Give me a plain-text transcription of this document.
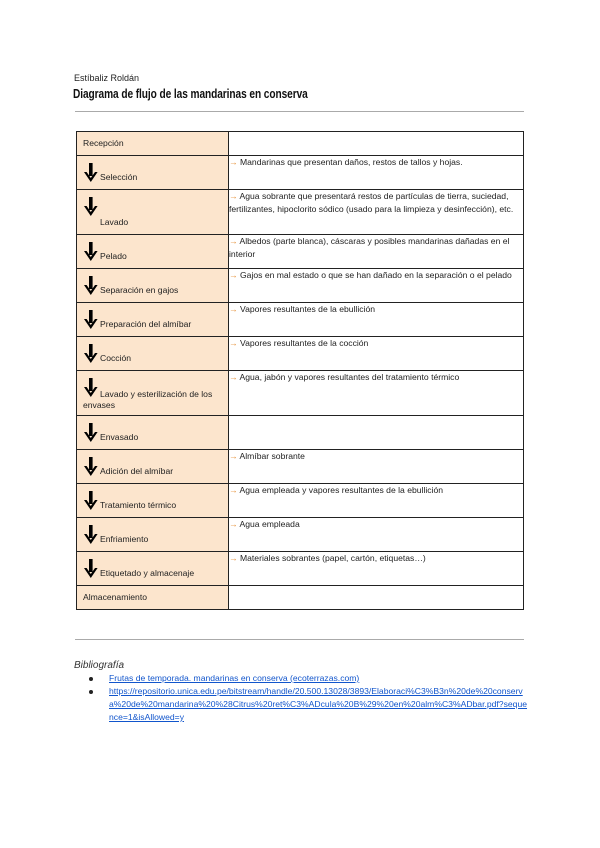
Estíbaliz Roldán
Diagrama de flujo de las mandarinas en conserva
Recepción	

Selección	→ Mandarinas que presentan daños, restos de tallos y hojas.

Lavado	→ Agua sobrante que presentará restos de partículas de tierra, suciedad, fertilizantes, hipoclorito sódico (usado para la limpieza y desinfección), etc.

Pelado	→ Albedos (parte blanca), cáscaras y posibles mandarinas dañadas en el interior

Separación en gajos	→ Gajos en mal estado o que se han dañado en la separación o el pelado

Preparación del almíbar	→ Vapores resultantes de la ebullición

Cocción	→ Vapores resultantes de la cocción

Lavado y esterilización de los envases	→ Agua, jabón y vapores resultantes del tratamiento térmico

Envasado	

Adición del almíbar	→ Almíbar sobrante

Tratamiento térmico	→ Agua empleada y vapores resultantes de la ebullición

Enfriamiento	→ Agua empleada

Etiquetado y almacenaje	→ Materiales sobrantes (papel, cartón, etiquetas…)

Almacenamiento	

Bibliografía
Frutas de temporada. mandarinas en conserva (ecoterrazas.com)
https://repositorio.unica.edu.pe/bitstream/handle/20.500.13028/3893/Elaboraci%C3%B3n%20de%20conserva%20de%20mandarina%20%28Citrus%20ret%C3%ADcula%20B%29%20en%20alm%C3%ADbar.pdf?sequence=1&isAllowed=y
